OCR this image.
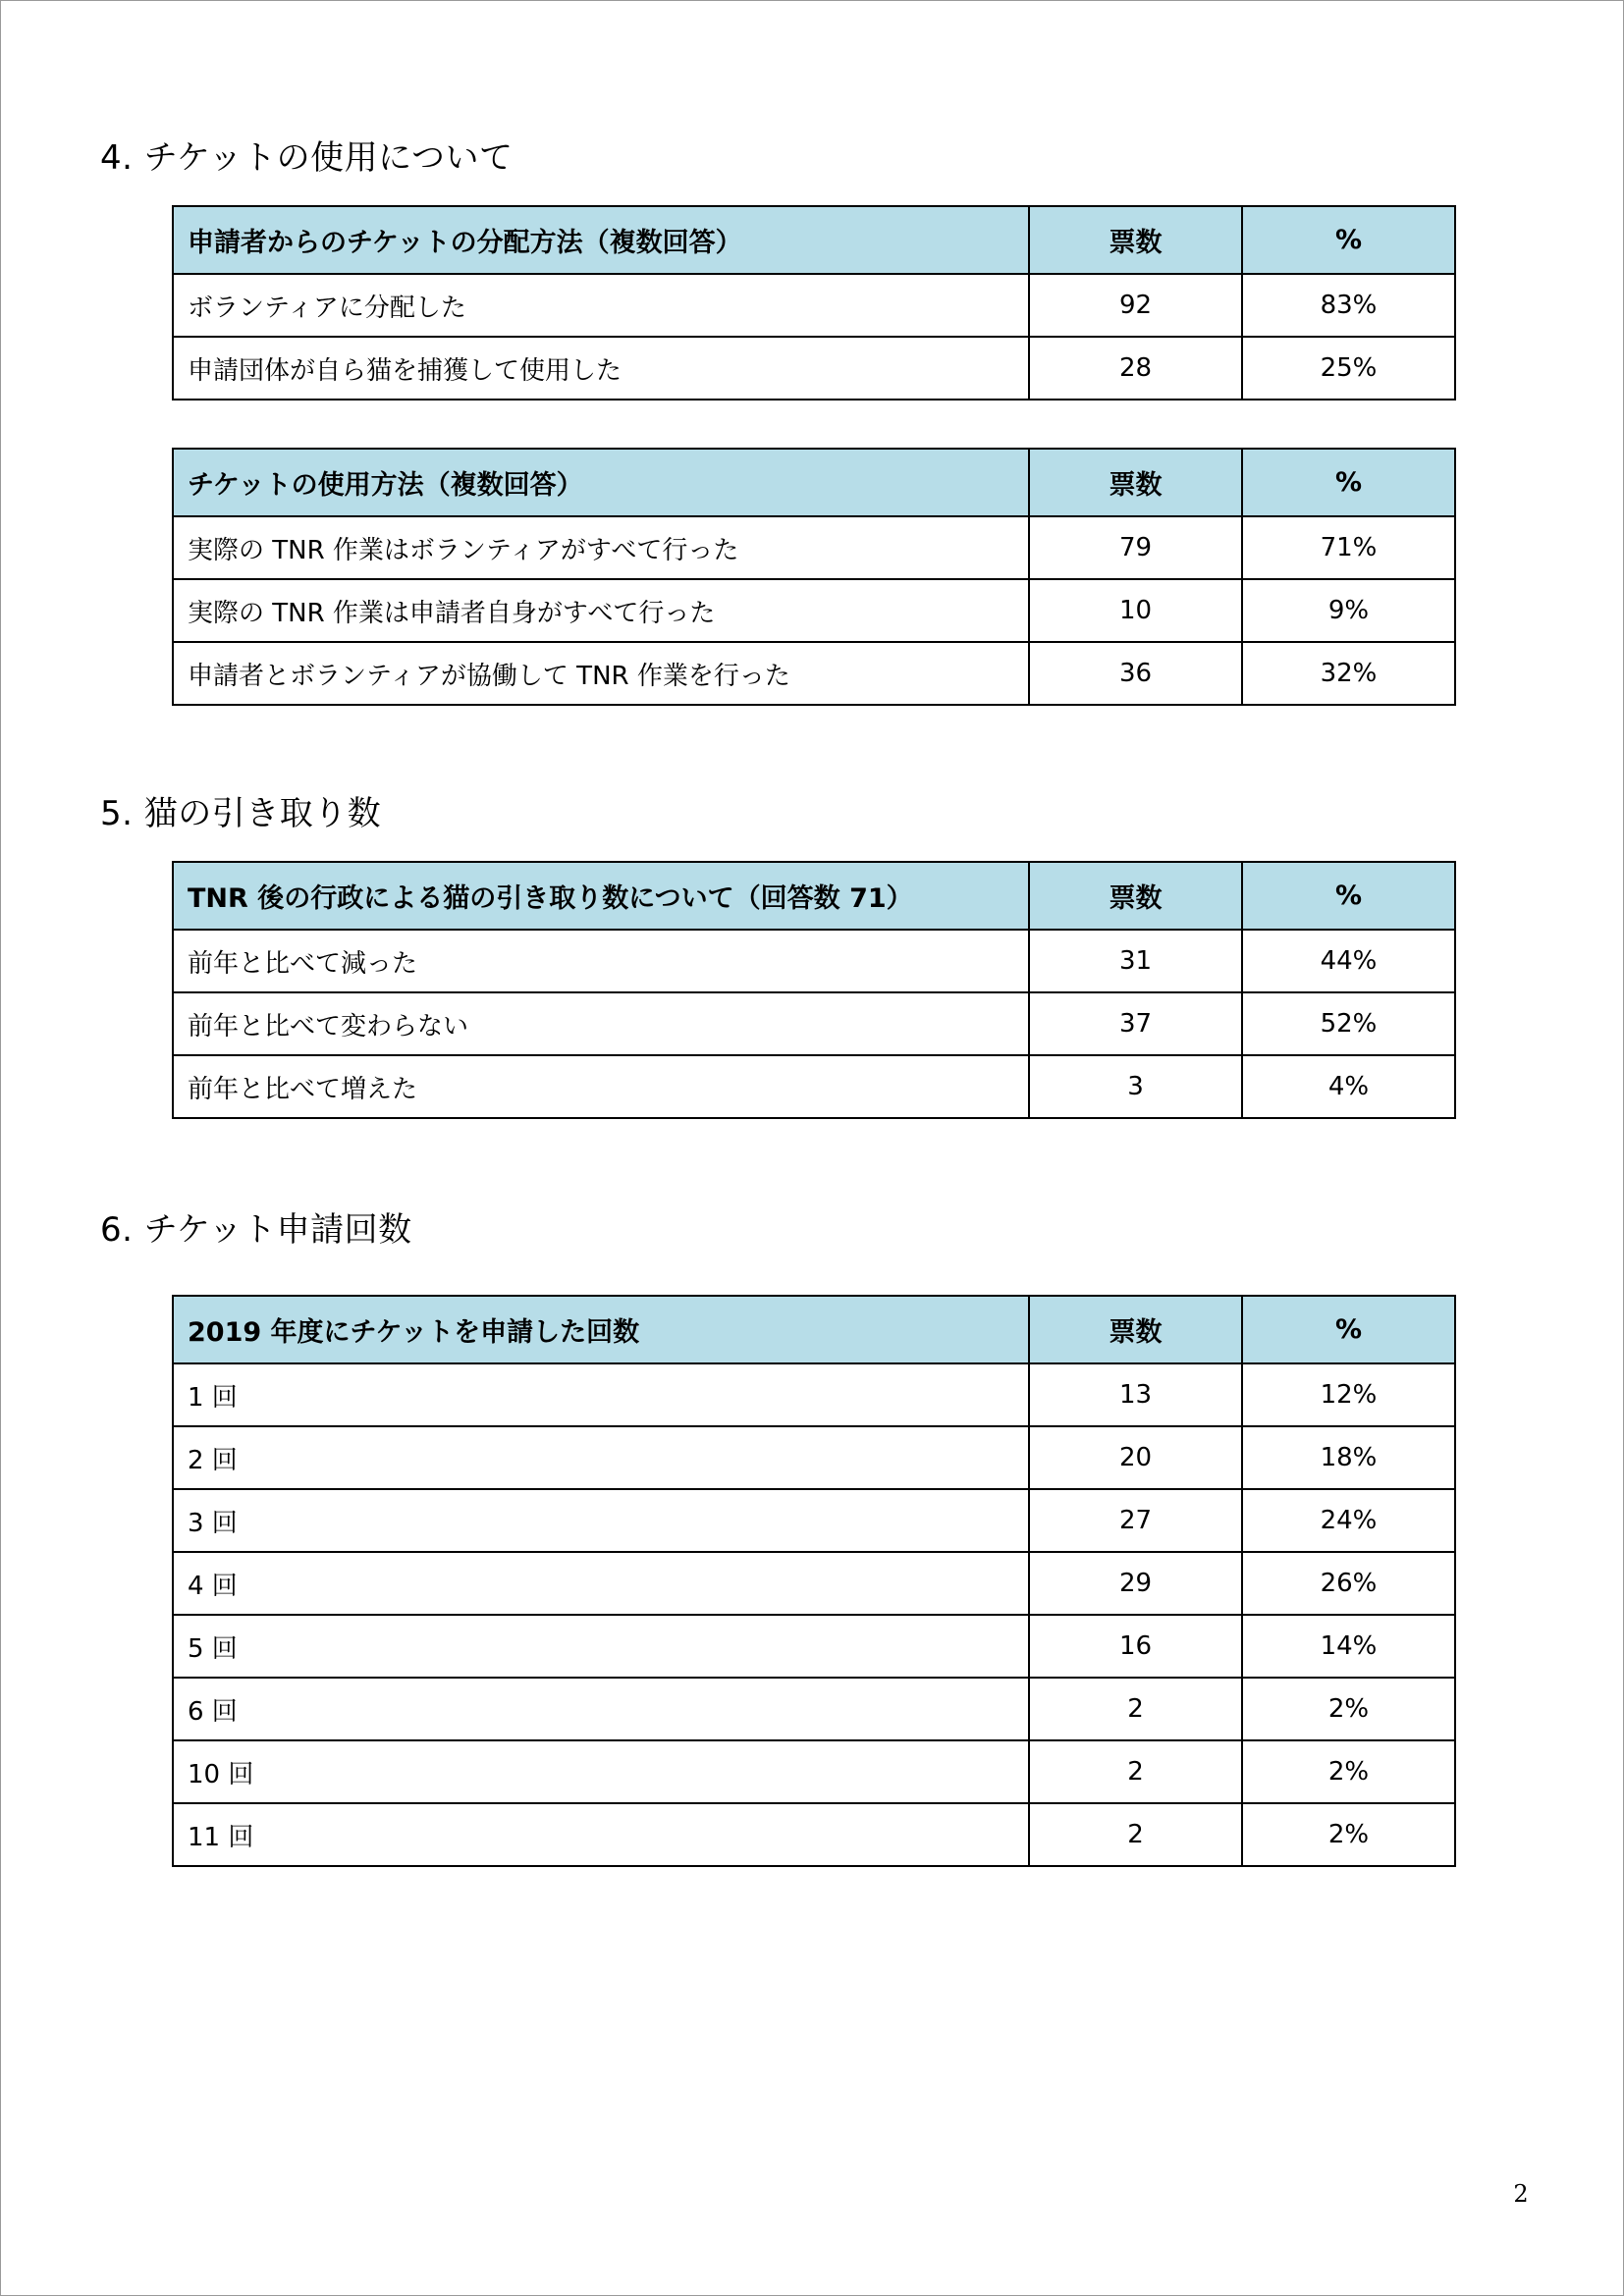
4. チケットの使用について
申請者からのチケットの分配方法（複数回答）	票数	%
ボランティアに分配した	92	83%
申請団体が自ら猫を捕獲して使用した	28	25%
チケットの使用方法（複数回答）	票数	%
実際の TNR 作業はボランティアがすべて行った	79	71%
実際の TNR 作業は申請者自身がすべて行った	10	9%
申請者とボランティアが協働して TNR 作業を行った	36	32%
5. 猫の引き取り数
TNR 後の行政による猫の引き取り数について（回答数 71）	票数	%
前年と比べて減った	31	44%
前年と比べて変わらない	37	52%
前年と比べて増えた	3	4%
6. チケット申請回数
2019 年度にチケットを申請した回数	票数	%
1 回	13	12%
2 回	20	18%
3 回	27	24%
4 回	29	26%
5 回	16	14%
6 回	2	2%
10 回	2	2%
11 回	2	2%
2
